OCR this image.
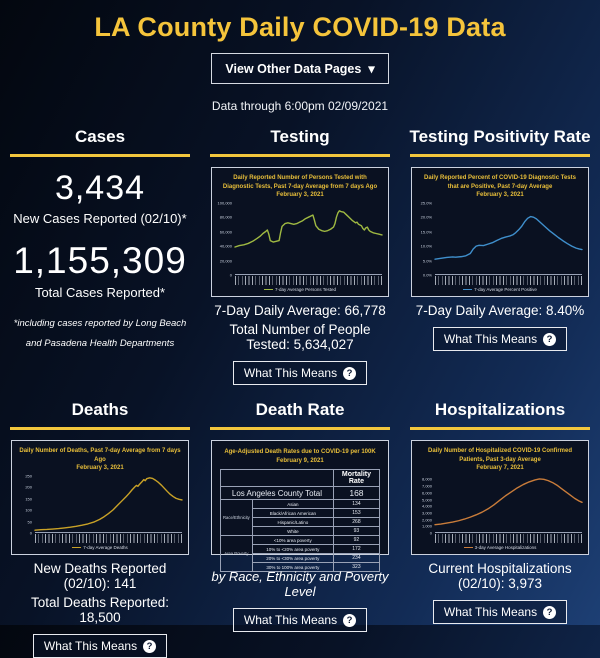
LA County Daily COVID-19 Data
View Other Data Pages ▾
Data through 6:00pm 02/09/2021
Cases
3,434
New Cases Reported (02/10)*
1,155,309
Total Cases Reported*
*including cases reported by Long Beach and Pasadena Health Departments
Testing
Daily Reported Number of Persons Tested with Diagnostic Tests, Past 7-day Average from 7 days Ago
February 3, 2021
100,000
80,000
60,000
40,000
20,000
0
7-day Average Persons Tested
7-Day Daily Average: 66,778
Total Number of People Tested: 5,634,027
What This Means	?
Testing Positivity Rate
Daily Reported Percent of COVID-19 Diagnostic Tests that are Positive, Past 7-day Average
February 3, 2021
25.0%
20.0%
15.0%
10.0%
5.0%
0.0%
7-day Average Percent Positive
7-Day Daily Average: 8.40%
What This Means	?
Deaths
Daily Number of Deaths, Past 7-day Average from 7 days Ago
February 3, 2021
250
200
150
100
50
0
7-day Average Deaths
New Deaths Reported (02/10): 141
Total Deaths Reported: 18,500
What This Means	?
Death Rate
Age-Adjusted Death Rates due to COVID-19 per 100K
February 9, 2021
		Mortality Rate
Los Angeles County Total		168
Race/Ethnicity	Asian	134
	Black/African American	153
	Hispanic/Latino	268
	White	93
Area Poverty	<10% area poverty	92
	10% to <20% area poverty	172
	20% to <30% area poverty	234
	30% to 100% area poverty	323
by Race, Ethnicity and Poverty Level
What This Means	?
Hospitalizations
Daily Number of Hospitalized COVID-19 Confirmed Patients, Past 3-day Average
February 7, 2021
8,000
7,000
6,000
5,000
4,000
3,000
2,000
1,000
0
3-day Average Hospitalizations
Current Hospitalizations (02/10): 3,973
What This Means	?
